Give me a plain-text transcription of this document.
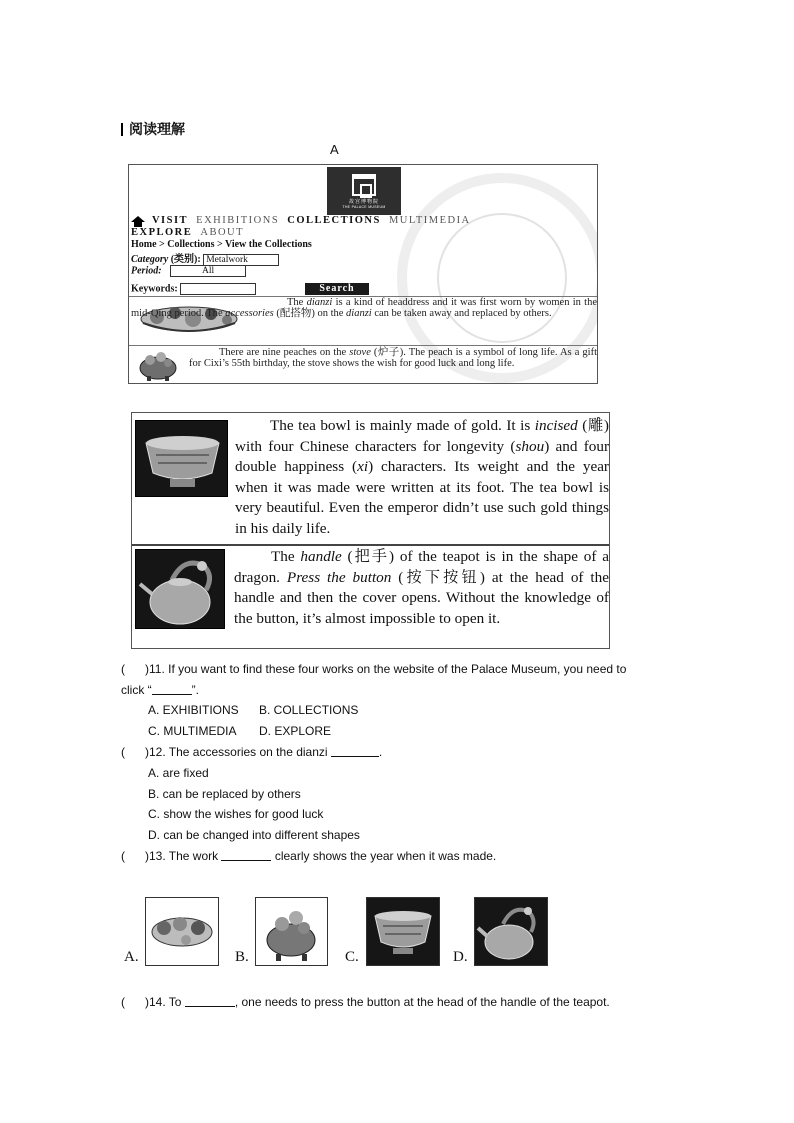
阅读理解
A
故宫博物院
THE PALACE MUSEUM
VISIT EXHIBITIONS COLLECTIONS MULTIMEDIA
EXPLORE ABOUT
Home > Collections > View the Collections
Category (类别): Metalwork
Period:	All
Keywords:	Search
The dianzi is a kind of headdress and it was first worn by women in the mid-Qing period. The accessories (配搭物) on the dianzi can be taken away and replaced by others.
There are nine peaches on the stove (炉子). The peach is a symbol of long life. As a gift for Cixi’s 55th birthday, the stove shows the wish for good luck and long life.

The tea bowl is mainly made of gold. It is incised (雕) with four Chinese characters for longevity (shou) and four double happiness (xi) characters. Its weight and the year when it was made were written at its foot. The tea bowl is very beautiful. Even the emperor didn’t use such gold things in his daily life.

The handle (把手) of the teapot is in the shape of a dragon. Press the button (按下按钮) at the head of the handle and then the cover opens. Without the knowledge of the button, it’s almost impossible to open it.

( )11. If you want to find these four works on the website of the Palace Museum, you need to
click “	”.
A. EXHIBITIONS B. COLLECTIONS
C. MULTIMEDIA D. EXPLORE
( )12. The accessories on the dianzi	.
A. are fixed
B. can be replaced by others
C. show the wishes for good luck
D. can be changed into different shapes
( )13. The work	clearly shows the year when it was made.
A.	B.	C.	D.
( )14. To	, one needs to press the button at the head of the handle of the teapot.
